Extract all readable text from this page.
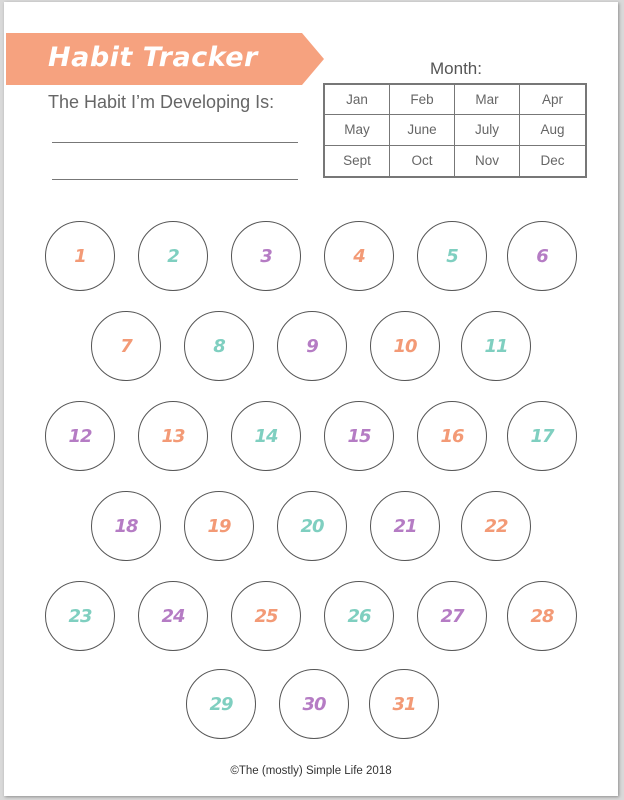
Habit Tracker
The Habit I’m Developing Is:
Month:
Jan	Feb	Mar	Apr
May	June	July	Aug
Sept	Oct	Nov	Dec
1	2	3	4	5	6
7	8	9	10	11
12	13	14	15	16	17
18	19	20	21	22
23	24	25	26	27	28
29	30	31
©The (mostly) Simple Life 2018
